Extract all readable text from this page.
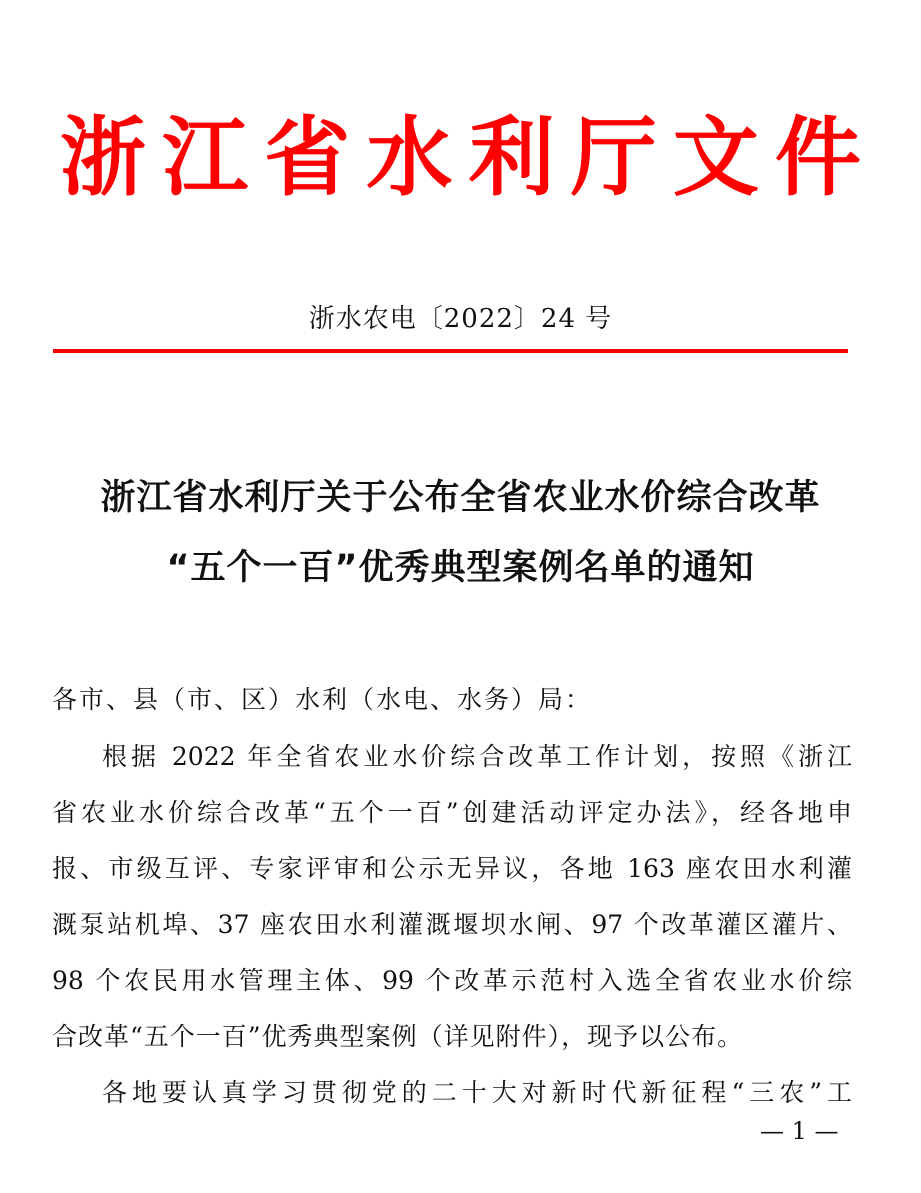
浙 江 省 水 利 厅 文 件
浙水农电〔2022〕24 号
浙江省水利厅关于公布全省农业水价综合改革
“五个一百”优秀典型案例名单的通知
各市、县（市、区）水利（水电、水务）局：
根据 2022 年全省农业水价综合改革工作计划，按照《浙江
省农业水价综合改革“五个一百”创建活动评定办法》，经各地申
报、市级互评、专家评审和公示无异议，各地 163 座农田水利灌
溉泵站机埠、37 座农田水利灌溉堰坝水闸、97 个改革灌区灌片、
98 个农民用水管理主体、99 个改革示范村入选全省农业水价综
合改革“五个一百”优秀典型案例（详见附件），现予以公布。
各地要认真学习贯彻党的二十大对新时代新征程“三农”工
— 1 —
